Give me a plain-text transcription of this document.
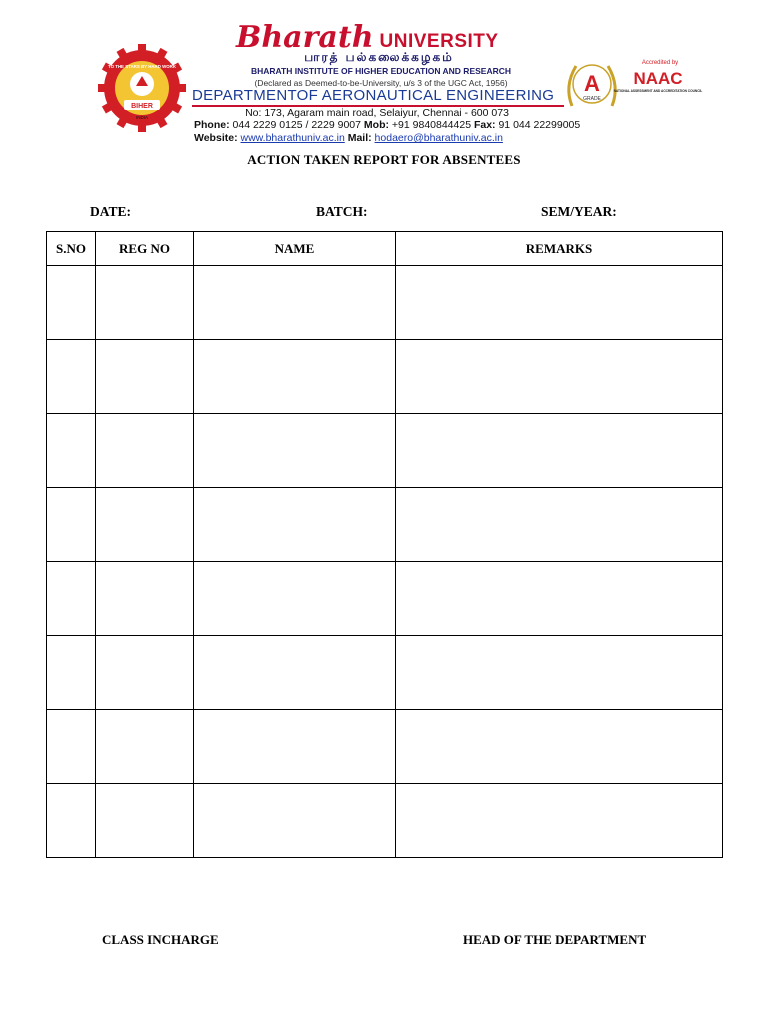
BIHER
INDIA
TO THE STARS BY HARD WORK
Bharath UNIVERSITY
பாரத் பல்கலைக்கழகம்
BHARATH INSTITUTE OF HIGHER EDUCATION AND RESEARCH
(Declared as Deemed-to-be-University, u/s 3 of the UGC Act, 1956)
DEPARTMENTOF AERONAUTICAL ENGINEERING
No: 173, Agaram main road, Selaiyur, Chennai - 600 073
Phone: 044 2229 0125 / 2229 9007 Mob: +91 9840844425 Fax: 91 044 22299005
Website: www.bharathuniv.ac.in Mail: hodaero@bharathuniv.ac.in
A
GRADE
Accredited by
NAAC
NATIONAL ASSESSMENT AND ACCREDITATION COUNCIL
ACTION TAKEN REPORT FOR ABSENTEES
DATE:	BATCH:	SEM/YEAR:
S.NO	REG NO	NAME	REMARKS

CLASS INCHARGE	HEAD OF THE DEPARTMENT
